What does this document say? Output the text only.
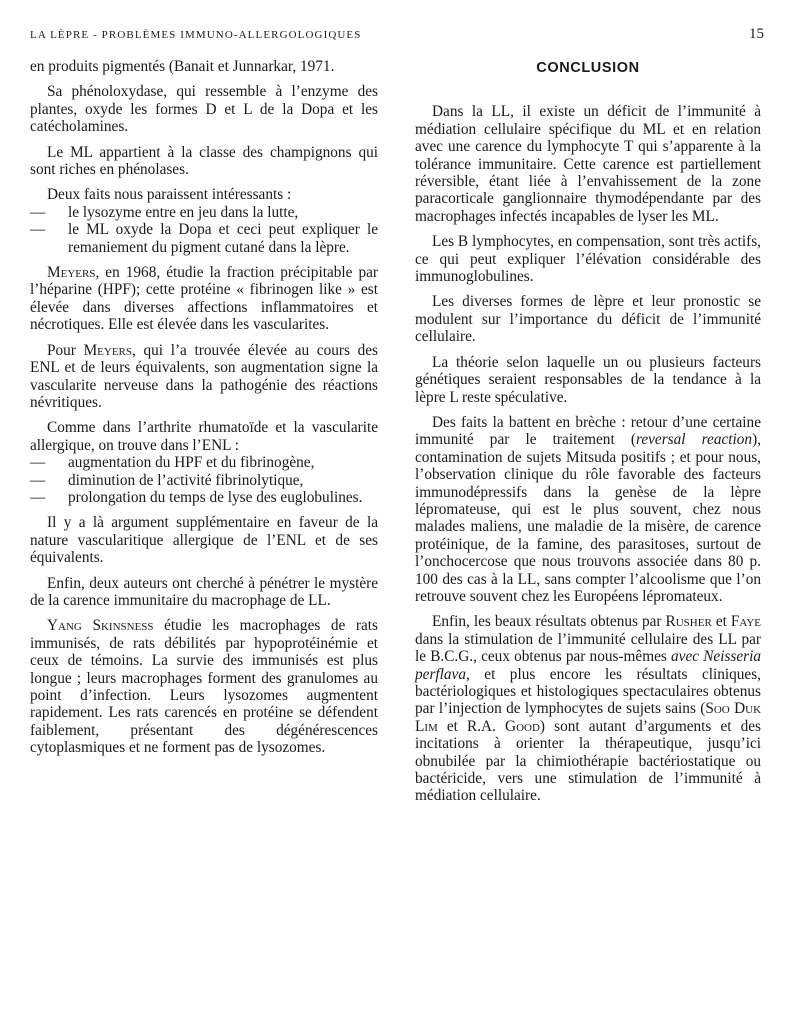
LA LÈPRE - PROBLÈMES IMMUNO-ALLERGOLOGIQUES	15

en produits pigmentés (Banait et Junnarkar, 1971.

Sa phénoloxydase, qui ressemble à l’enzyme des plantes, oxyde les formes D et L de la Dopa et les catécholamines.

Le ML appartient à la classe des champignons qui sont riches en phénolases.

Deux faits nous paraissent intéressants :

— le lysozyme entre en jeu dans la lutte,
— le ML oxyde la Dopa et ceci peut expliquer le remaniement du pigment cutané dans la lèpre.

Meyers, en 1968, étudie la fraction précipitable par l’héparine (HPF); cette protéine « fibrinogen like » est élevée dans diverses affections inflammatoires et nécrotiques. Elle est élevée dans les vascularites.

Pour Meyers, qui l’a trouvée élevée au cours des ENL et de leurs équivalents, son augmentation signe la vascularite nerveuse dans la pathogénie des réactions névritiques.

Comme dans l’arthrite rhumatoïde et la vascularite allergique, on trouve dans l’ENL :

— augmentation du HPF et du fibrinogène,
— diminution de l’activité fibrinolytique,
— prolongation du temps de lyse des euglobulines.

Il y a là argument supplémentaire en faveur de la nature vascularitique allergique de l’ENL et de ses équivalents.

Enfin, deux auteurs ont cherché à pénétrer le mystère de la carence immunitaire du macrophage de LL.

Yang Skinsness étudie les macrophages de rats immunisés, de rats débilités par hypoprotéinémie et ceux de témoins. La survie des immunisés est plus longue ; leurs macrophages forment des granulomes au point d’infection. Leurs lysozomes augmentent rapidement. Les rats carencés en protéine se défendent faiblement, présentant des dégénérescences cytoplasmiques et ne forment pas de lysozomes.

CONCLUSION

Dans la LL, il existe un déficit de l’immunité à médiation cellulaire spécifique du ML et en relation avec une carence du lymphocyte T qui s’apparente à la tolérance immunitaire. Cette carence est partiellement réversible, étant liée à l’envahissement de la zone paracorticale ganglionnaire thymodépendante par des macrophages infectés incapables de lyser les ML.

Les B lymphocytes, en compensation, sont très actifs, ce qui peut expliquer l’élévation considérable des immunoglobulines.

Les diverses formes de lèpre et leur pronostic se modulent sur l’importance du déficit de l’immunité cellulaire.

La théorie selon laquelle un ou plusieurs facteurs génétiques seraient responsables de la tendance à la lèpre L reste spéculative.

Des faits la battent en brèche : retour d’une certaine immunité par le traitement (reversal reaction), contamination de sujets Mitsuda positifs ; et pour nous, l’observation clinique du rôle favorable des facteurs immunodépressifs dans la genèse de la lèpre lépromateuse, qui est le plus souvent, chez nous malades maliens, une maladie de la misère, de carence protéinique, de la famine, des parasitoses, surtout de l’onchocercose que nous trouvons associée dans 80 p. 100 des cas à la LL, sans compter l’alcoolisme que l’on retrouve souvent chez les Européens lépromateux.

Enfin, les beaux résultats obtenus par Rusher et Faye dans la stimulation de l’immunité cellulaire des LL par le B.C.G., ceux obtenus par nous-mêmes avec Neisseria perflava, et plus encore les résultats cliniques, bactériologiques et histologiques spectaculaires obtenus par l’injection de lymphocytes de sujets sains (Soo Duk Lim et R.A. Good) sont autant d’arguments et des incitations à orienter la thérapeutique, jusqu’ici obnubilée par la chimiothérapie bactériostatique ou bactéricide, vers une stimulation de l’immunité à médiation cellulaire.
